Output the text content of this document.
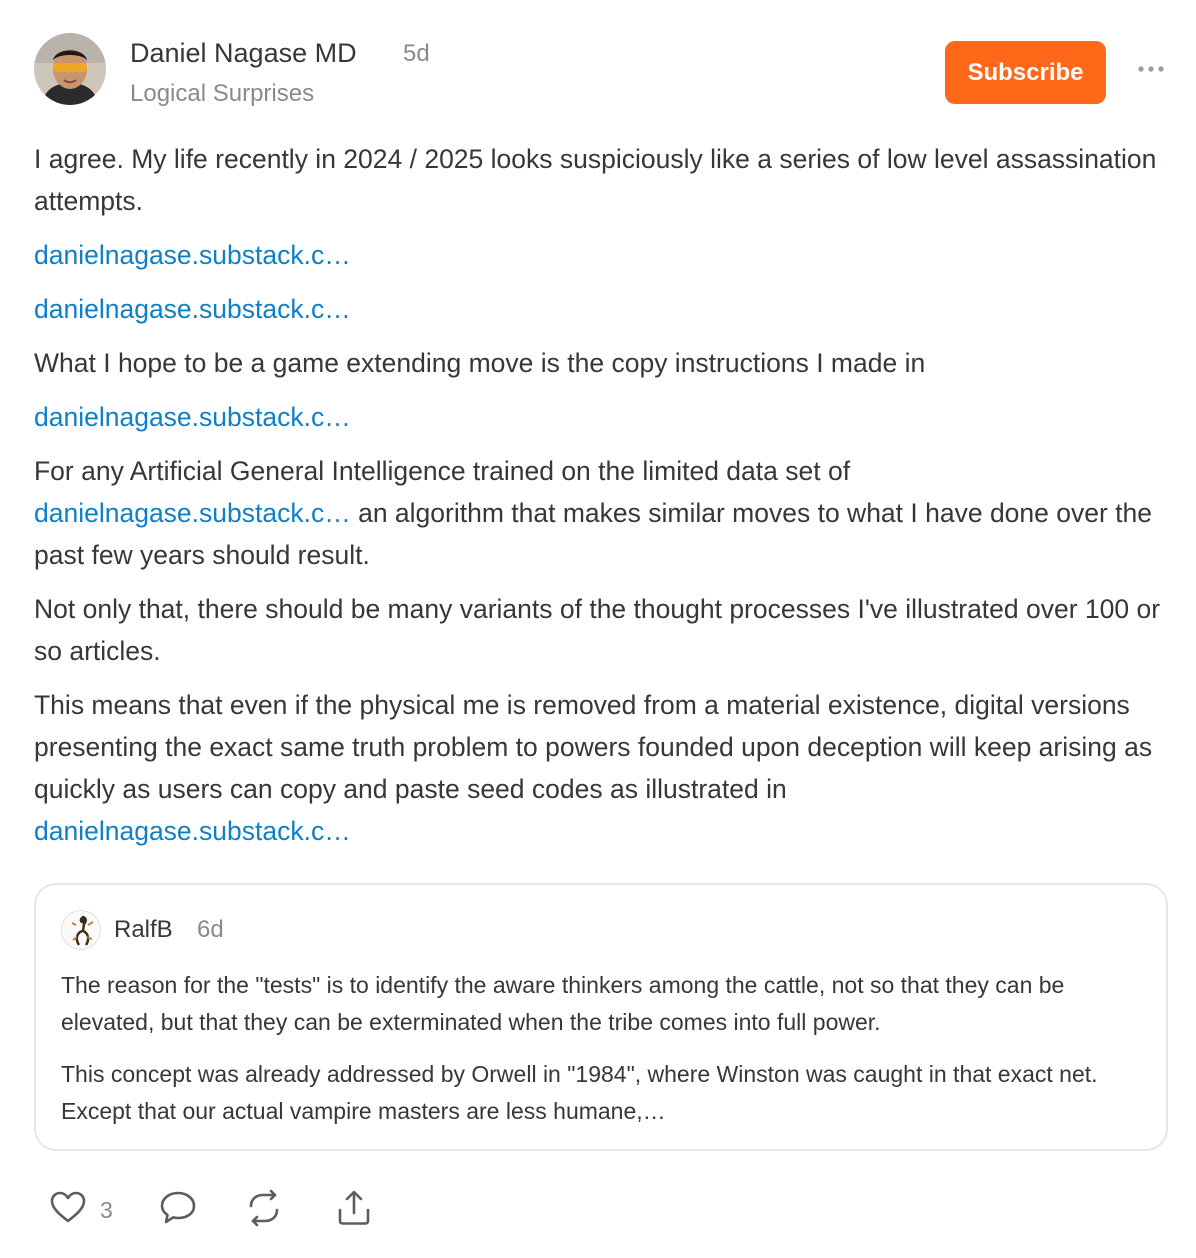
Daniel Nagase MD 5d
Logical Surprises
Subscribe

I agree. My life recently in 2024 / 2025 looks suspiciously like a series of low level assassination attempts.

danielnagase.substack.c…

danielnagase.substack.c…

What I hope to be a game extending move is the copy instructions I made in

danielnagase.substack.c…

For any Artificial General Intelligence trained on the limited data set of
danielnagase.substack.c… an algorithm that makes similar moves to what I have done over the past few years should result.

Not only that, there should be many variants of the thought processes I've illustrated over 100 or so articles.

This means that even if the physical me is removed from a material existence, digital versions presenting the exact same truth problem to powers founded upon deception will keep arising as quickly as users can copy and paste seed codes as illustrated in
danielnagase.substack.c…

RalfB 6d

The reason for the "tests" is to identify the aware thinkers among the cattle, not so that they can be elevated, but that they can be exterminated when the tribe comes into full power.

This concept was already addressed by Orwell in "1984", where Winston was caught in that exact net. Except that our actual vampire masters are less humane,…

3
